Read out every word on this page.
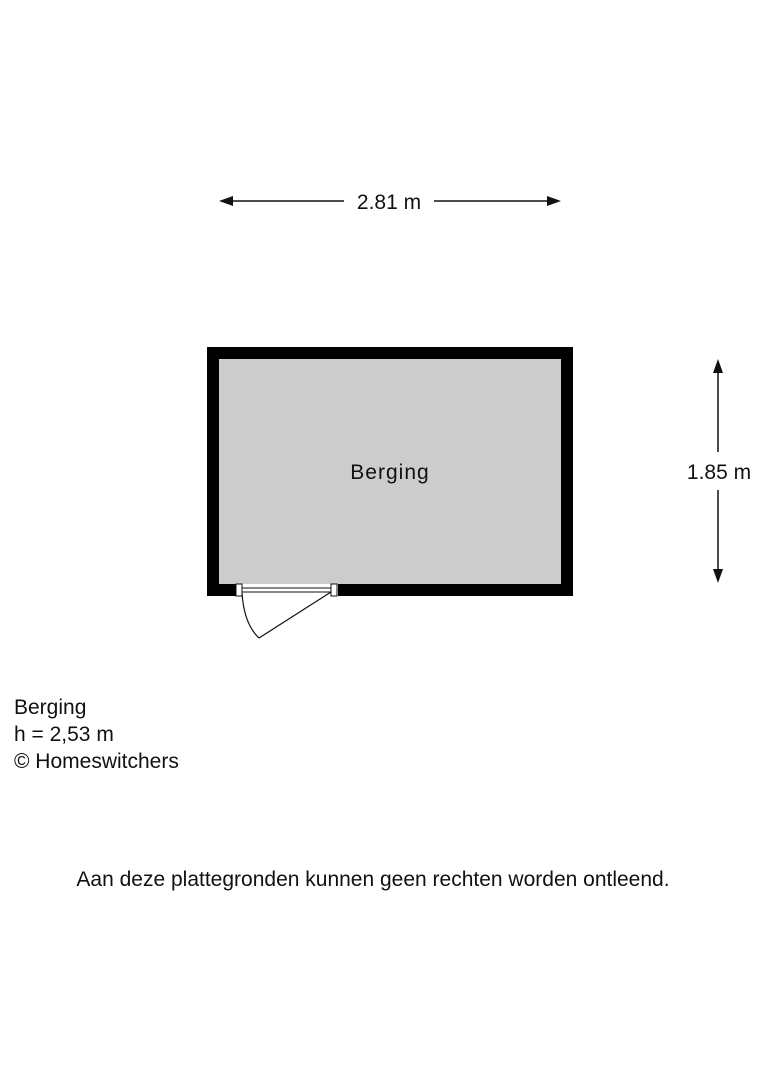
2.81 m
1.85 m
Berging
Berging
h = 2,53 m
© Homeswitchers
Aan deze plattegronden kunnen geen rechten worden ontleend.
